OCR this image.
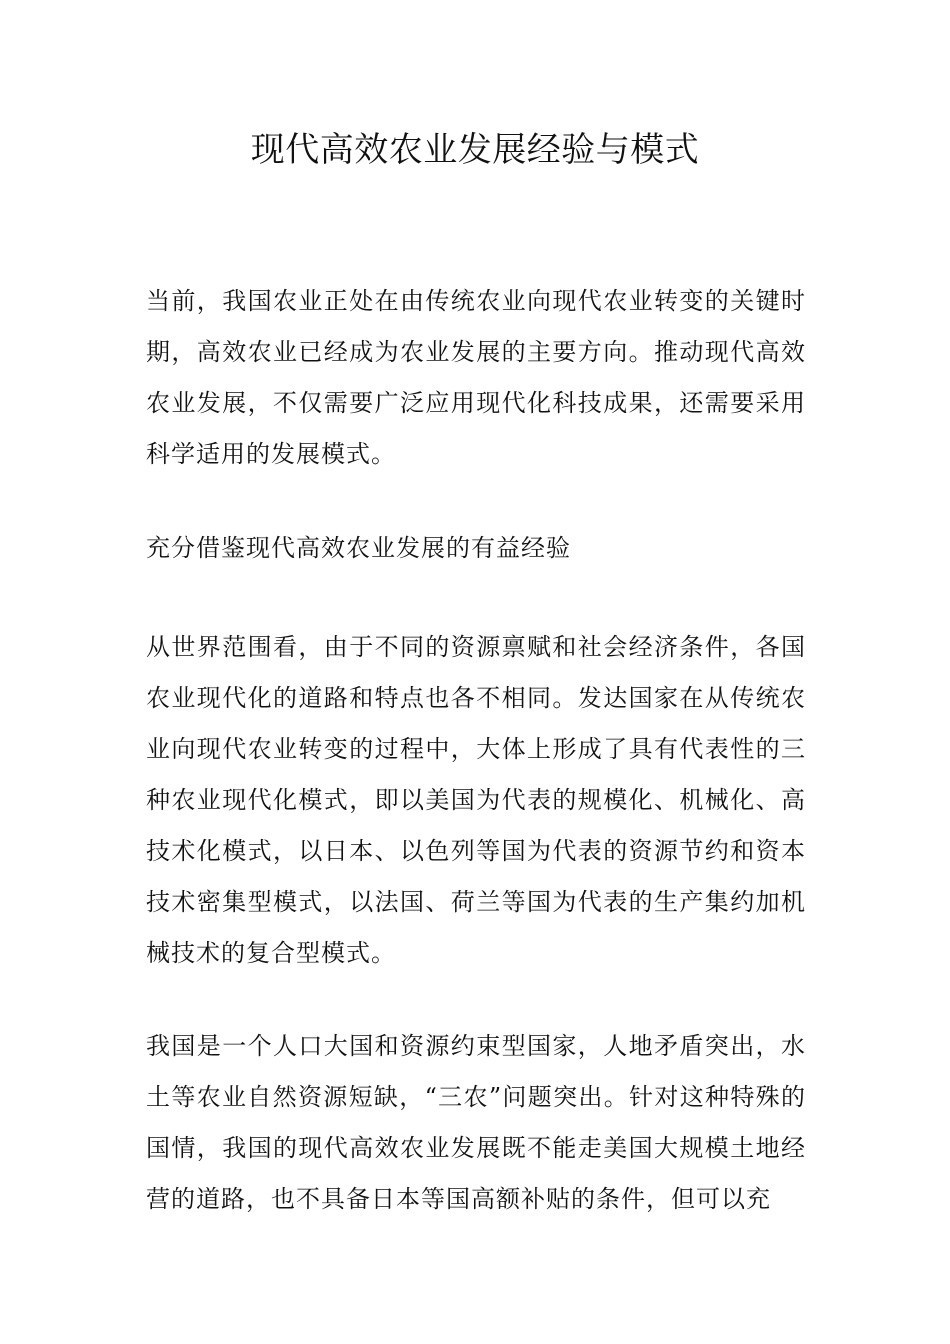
现代高效农业发展经验与模式

当前，我国农业正处在由传统农业向现代农业转变的关键时期，高效农业已经成为农业发展的主要方向。推动现代高效农业发展，不仅需要广泛应用现代化科技成果，还需要采用科学适用的发展模式。

充分借鉴现代高效农业发展的有益经验

从世界范围看，由于不同的资源禀赋和社会经济条件，各国农业现代化的道路和特点也各不相同。发达国家在从传统农业向现代农业转变的过程中，大体上形成了具有代表性的三种农业现代化模式，即以美国为代表的规模化、机械化、高技术化模式，以日本、以色列等国为代表的资源节约和资本技术密集型模式，以法国、荷兰等国为代表的生产集约加机械技术的复合型模式。

我国是一个人口大国和资源约束型国家，人地矛盾突出，水土等农业自然资源短缺，“三农”问题突出。针对这种特殊的国情，我国的现代高效农业发展既不能走美国大规模土地经营的道路，也不具备日本等国高额补贴的条件，但可以充
